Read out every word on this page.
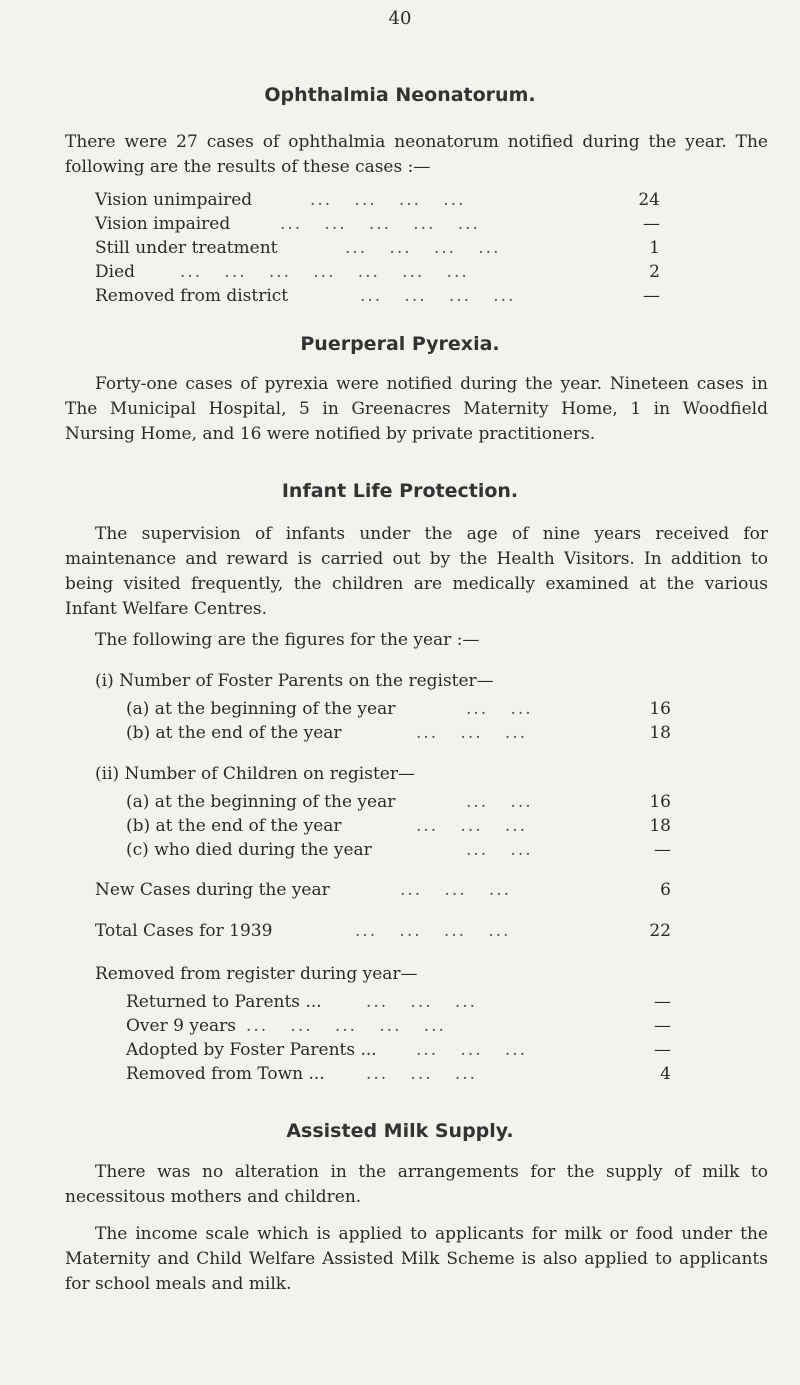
40
Ophthalmia Neonatorum.

There were 27 cases of ophthalmia neonatorum notified during the year. The following are the results of these cases :—

Vision unimpaired	...   ...   ...   ...	24
Vision impaired	...   ...   ...   ...   ...	—
Still under treatment	...   ...   ...   ...	1
Died	...   ...   ...   ...   ...   ...   ...	2
Removed from district	...   ...   ...   ...	—
Puerperal Pyrexia.

Forty-one cases of pyrexia were notified during the year. Nineteen cases in The Municipal Hospital, 5 in Greenacres Maternity Home, 1 in Woodfield Nursing Home, and 16 were notified by private practitioners.

Infant Life Protection.

The supervision of infants under the age of nine years received for maintenance and reward is carried out by the Health Visitors. In addition to being visited frequently, the children are medically examined at the various Infant Welfare Centres.

The following are the figures for the year :—
(i) Number of Foster Parents on the register—
(a) at the beginning of the year	...   ...	16
(b) at the end of the year	...   ...   ...	18
(ii) Number of Children on register—
(a) at the beginning of the year	...   ...	16
(b) at the end of the year	...   ...   ...	18
(c) who died during the year	...   ...	—
New Cases during the year	...   ...   ...	6
Total Cases for 1939	...   ...   ...   ...	22
Removed from register during year—
Returned to Parents ...	...   ...   ...	—
Over 9 years ...   ...   ...   ...   ...	—
Adopted by Foster Parents ... ...   ...   ...	—
Removed from Town ... ...   ...   ...	4
Assisted Milk Supply.

There was no alteration in the arrangements for the supply of milk to necessitous mothers and children.

The income scale which is applied to applicants for milk or food under the Maternity and Child Welfare Assisted Milk Scheme is also applied to applicants for school meals and milk.
